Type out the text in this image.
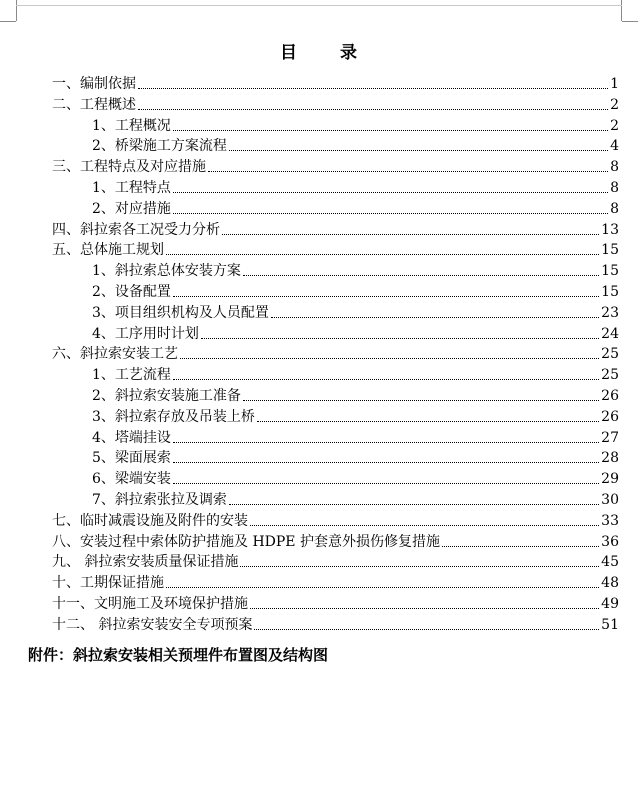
目 录
一、编制依据	1
二、工程概述	2
1、工程概况	2
2、桥梁施工方案流程	4
三、工程特点及对应措施	8
1、工程特点	8
2、对应措施	8
四、斜拉索各工况受力分析	13
五、总体施工规划	15
1、斜拉索总体安装方案	15
2、设备配置	15
3、项目组织机构及人员配置	23
4、工序用时计划	24
六、斜拉索安装工艺	25
1、工艺流程	25
2、斜拉索安装施工准备	26
3、斜拉索存放及吊装上桥	26
4、塔端挂设	27
5、梁面展索	28
6、梁端安装	29
7、斜拉索张拉及调索	30
七、临时减震设施及附件的安装	33
八、安装过程中索体防护措施及 HDPE 护套意外损伤修复措施	36
九、 斜拉索安装质量保证措施	45
十、工期保证措施	48
十一、文明施工及环境保护措施	49
十二、 斜拉索安装安全专项预案	51
附件：斜拉索安装相关预埋件布置图及结构图
